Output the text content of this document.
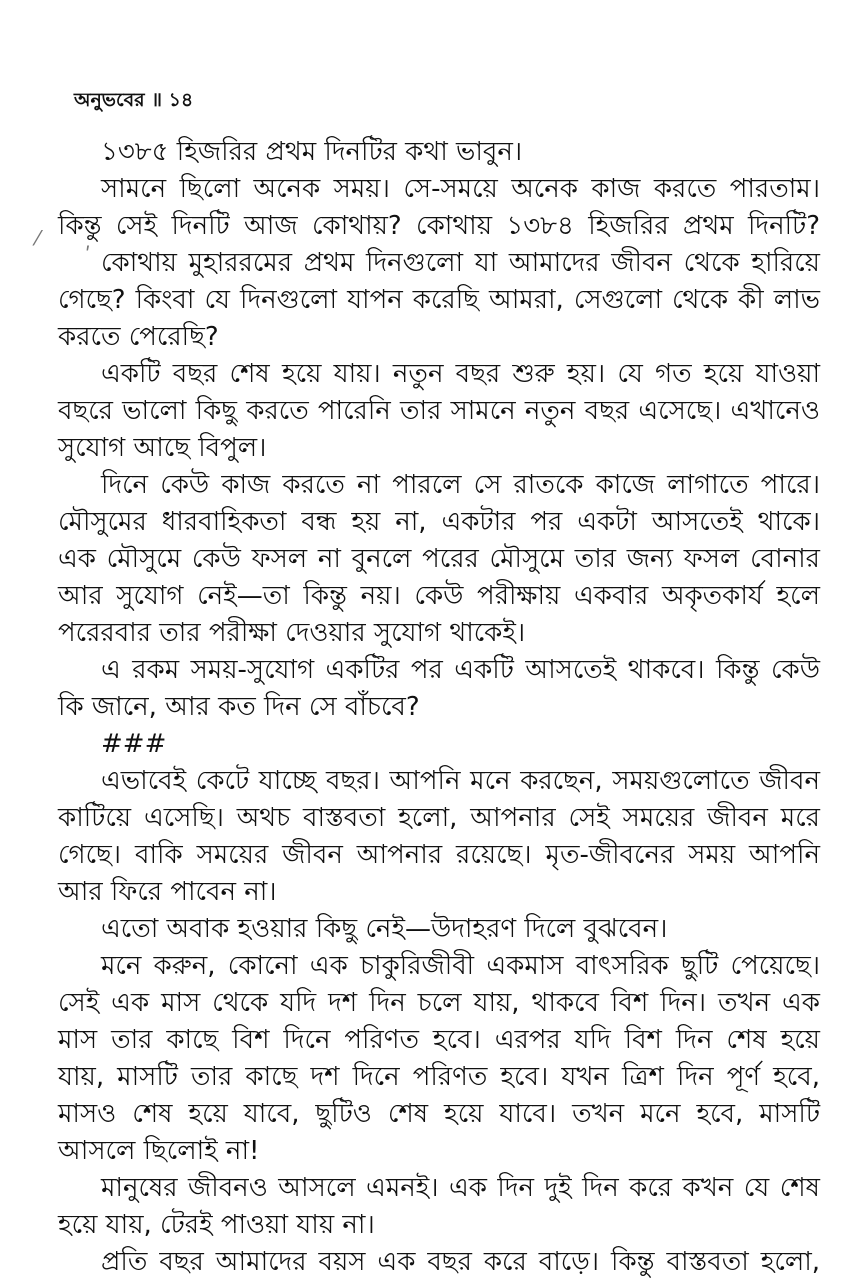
অনুভবের ॥ ১৪
⁄
ʹ
১৩৮৫ হিজরির প্রথম দিনটির কথা ভাবুন।
সামনে ছিলো অনেক সময়। সে-সময়ে অনেক কাজ করতে পারতাম।
কিন্তু সেই দিনটি আজ কোথায়? কোথায় ১৩৮৪ হিজরির প্রথম দিনটি?
কোথায় মুহাররমের প্রথম দিনগুলো যা আমাদের জীবন থেকে হারিয়ে
গেছে? কিংবা যে দিনগুলো যাপন করেছি আমরা, সেগুলো থেকে কী লাভ
করতে পেরেছি?
একটি বছর শেষ হয়ে যায়। নতুন বছর শুরু হয়। যে গত হয়ে যাওয়া
বছরে ভালো কিছু করতে পারেনি তার সামনে নতুন বছর এসেছে। এখানেও
সুযোগ আছে বিপুল।
দিনে কেউ কাজ করতে না পারলে সে রাতকে কাজে লাগাতে পারে।
মৌসুমের ধারবাহিকতা বন্ধ হয় না, একটার পর একটা আসতেই থাকে।
এক মৌসুমে কেউ ফসল না বুনলে পরের মৌসুমে তার জন্য ফসল বোনার
আর সুযোগ নেই—তা কিন্তু নয়। কেউ পরীক্ষায় একবার অকৃতকার্য হলে
পরেরবার তার পরীক্ষা দেওয়ার সুযোগ থাকেই।
এ রকম সময়-সুযোগ একটির পর একটি আসতেই থাকবে। কিন্তু কেউ
কি জানে, আর কত দিন সে বাঁচবে?
###
এভাবেই কেটে যাচ্ছে বছর। আপনি মনে করছেন, সময়গুলোতে জীবন
কাটিয়ে এসেছি। অথচ বাস্তবতা হলো, আপনার সেই সময়ের জীবন মরে
গেছে। বাকি সময়ের জীবন আপনার রয়েছে। মৃত-জীবনের সময় আপনি
আর ফিরে পাবেন না।
এতো অবাক হওয়ার কিছু নেই—উদাহরণ দিলে বুঝবেন।
মনে করুন, কোনো এক চাকুরিজীবী একমাস বাৎসরিক ছুটি পেয়েছে।
সেই এক মাস থেকে যদি দশ দিন চলে যায়, থাকবে বিশ দিন। তখন এক
মাস তার কাছে বিশ দিনে পরিণত হবে। এরপর যদি বিশ দিন শেষ হয়ে
যায়, মাসটি তার কাছে দশ দিনে পরিণত হবে। যখন ত্রিশ দিন পূর্ণ হবে,
মাসও শেষ হয়ে যাবে, ছুটিও শেষ হয়ে যাবে। তখন মনে হবে, মাসটি
আসলে ছিলোই না!
মানুষের জীবনও আসলে এমনই। এক দিন দুই দিন করে কখন যে শেষ
হয়ে যায়, টেরই পাওয়া যায় না।
প্রতি বছর আমাদের বয়স এক বছর করে বাড়ে। কিন্তু বাস্তবতা হলো,
